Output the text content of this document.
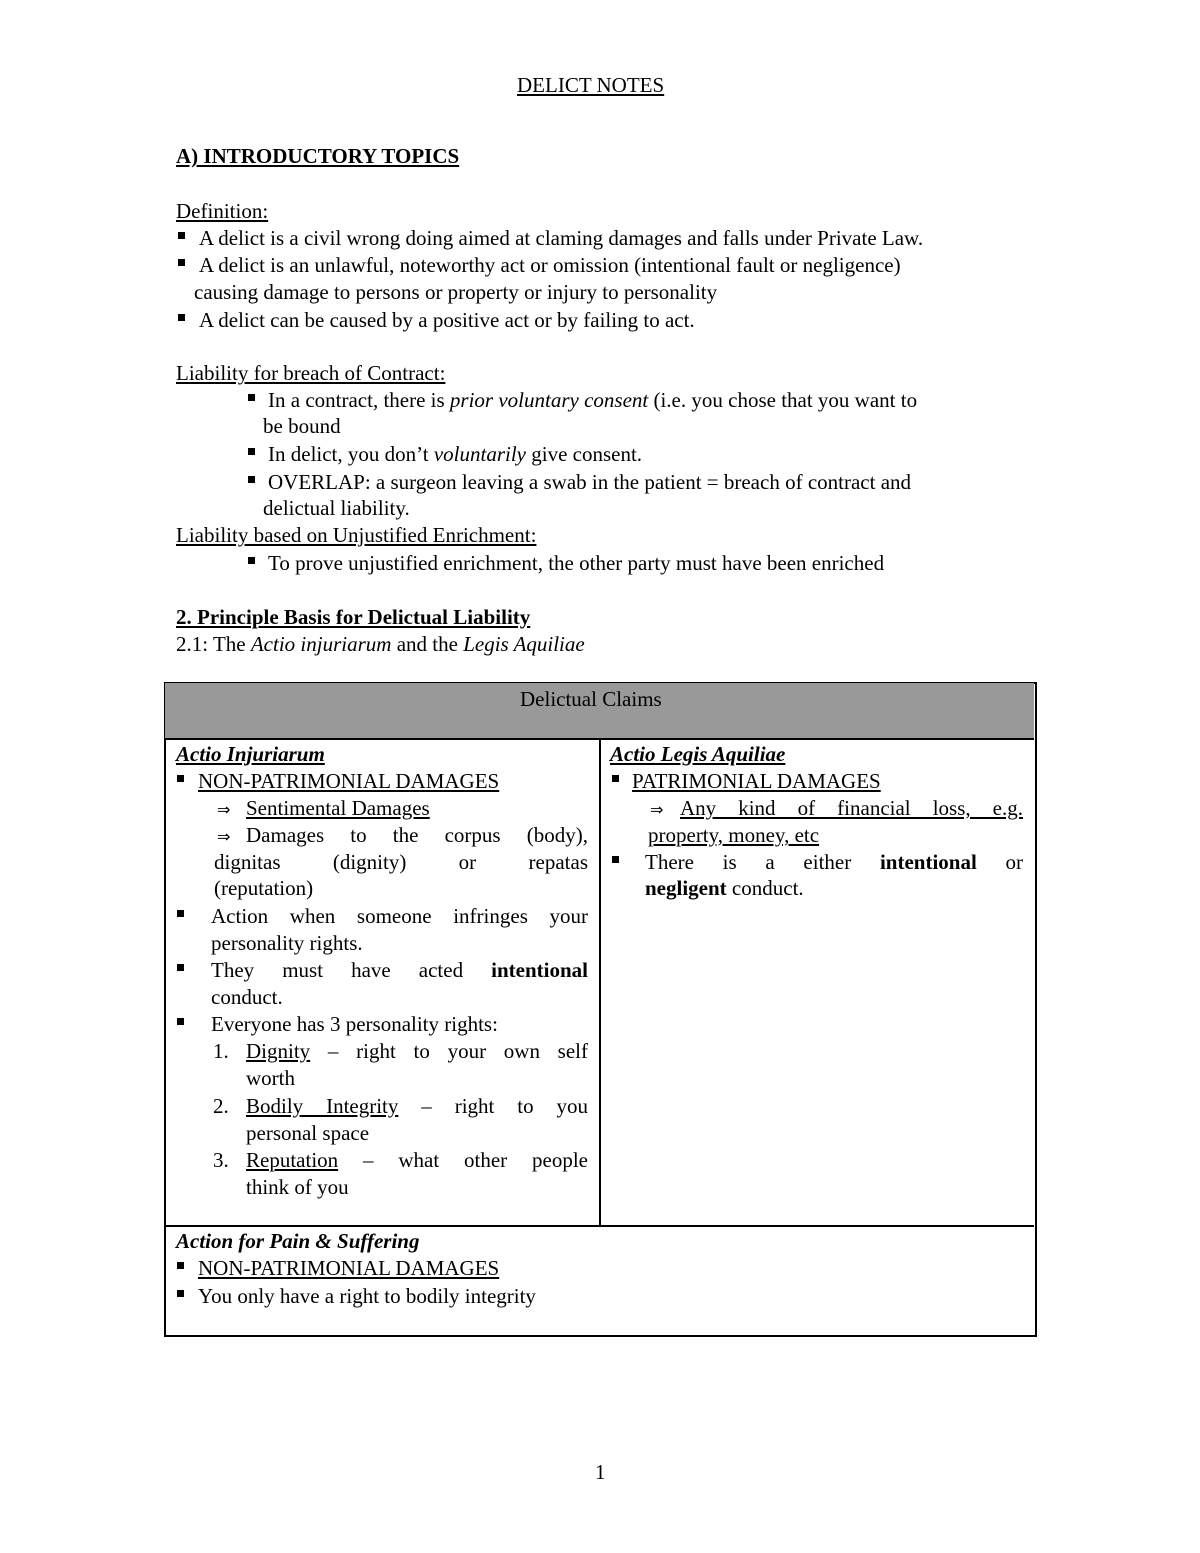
DELICT NOTES
A) INTRODUCTORY TOPICS
Definition:
A delict is a civil wrong doing aimed at claming damages and falls under Private Law.
A delict is an unlawful, noteworthy act or omission (intentional fault or negligence)
causing damage to persons or property or injury to personality
A delict can be caused by a positive act or by failing to act.
Liability for breach of Contract:
In a contract, there is prior voluntary consent (i.e. you chose that you want to
be bound
In delict, you don’t voluntarily give consent.
OVERLAP: a surgeon leaving a swab in the patient = breach of contract and
delictual liability.
Liability based on Unjustified Enrichment:
To prove unjustified enrichment, the other party must have been enriched
2. Principle Basis for Delictual Liability
2.1: The Actio injuriarum and the Legis Aquiliae
Delictual Claims
Actio Injuriarum
NON-PATRIMONIAL DAMAGES
⇒ Sentimental Damages
⇒ Damages to the corpus (body),
dignitas (dignity) or repatas
(reputation)
Action when someone infringes your
personality rights.
They must have acted intentional
conduct.
Everyone has 3 personality rights:
1. Dignity – right to your own self
worth
2. Bodily Integrity – right to you
personal space
3. Reputation – what other people
think of you
Actio Legis Aquiliae
PATRIMONIAL DAMAGES
⇒ Any kind of financial loss, e.g.
property, money, etc
There is a either intentional or
negligent conduct.
Action for Pain & Suffering
NON-PATRIMONIAL DAMAGES
You only have a right to bodily integrity
1
